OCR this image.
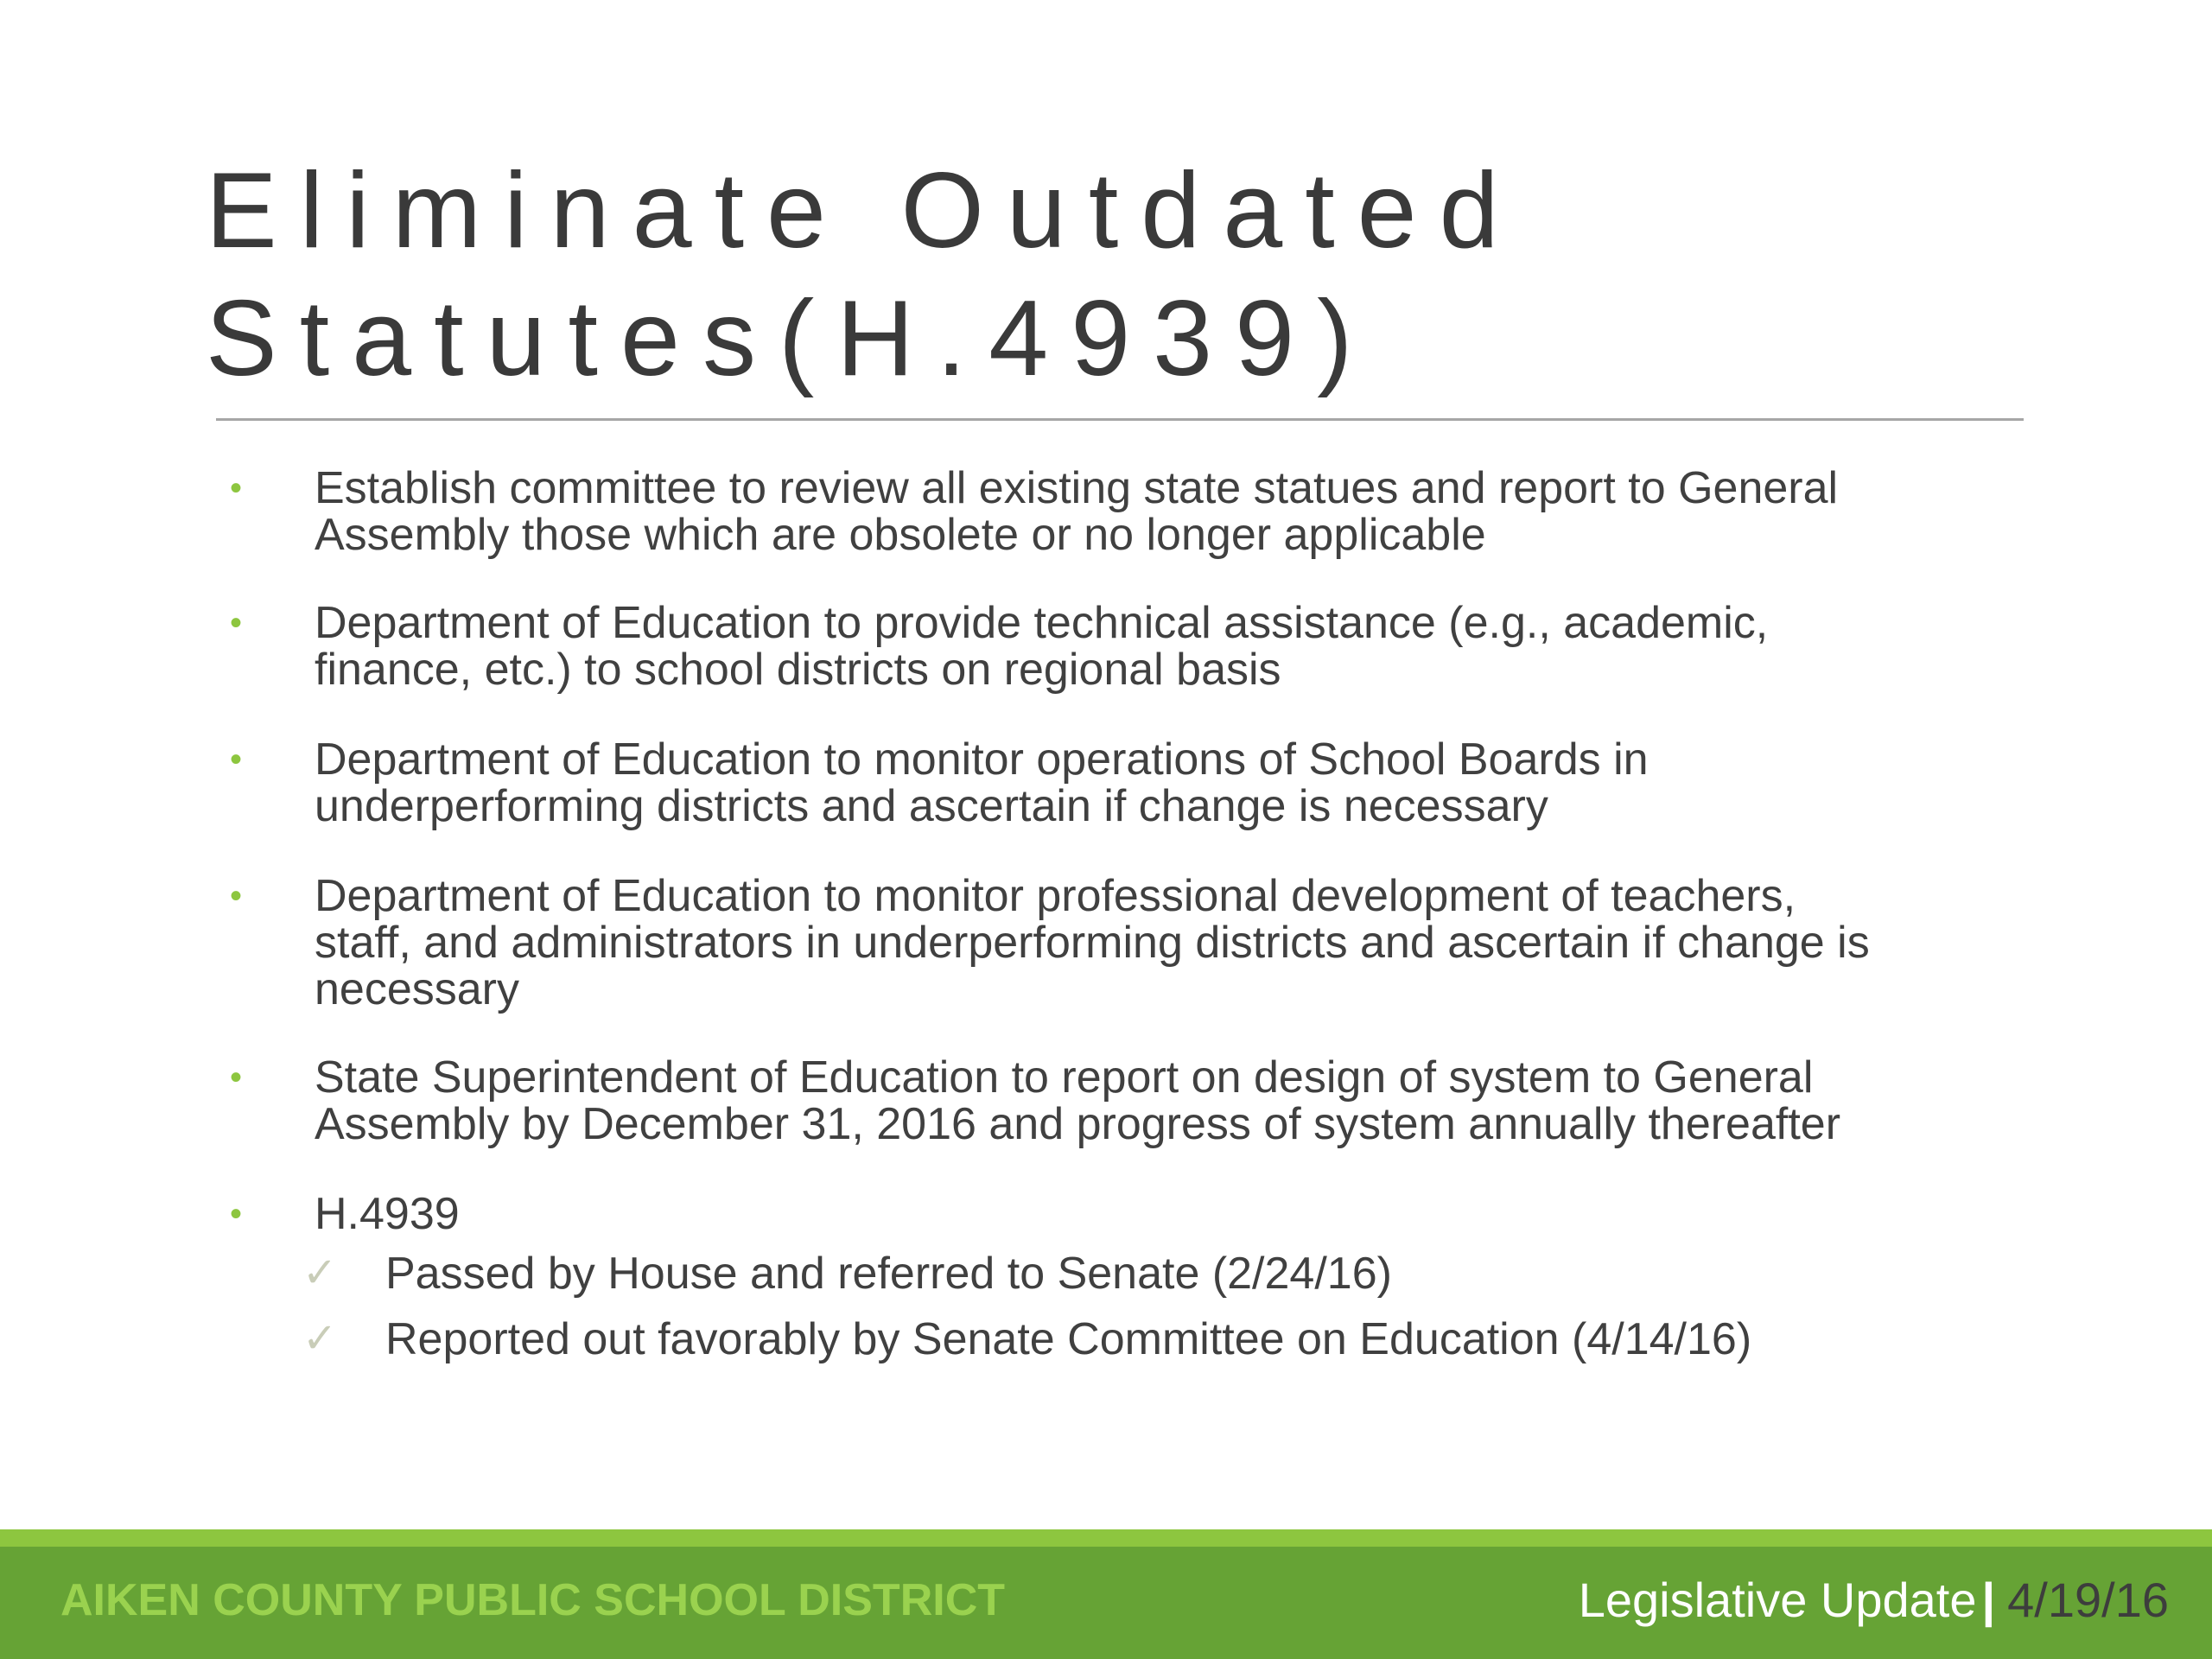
Eliminate Outdated
Statutes(H.4939)
• Establish committee to review all existing state statues and report to General
Assembly those which are obsolete or no longer applicable
• Department of Education to provide technical assistance (e.g., academic,
finance, etc.) to school districts on regional basis
• Department of Education to monitor operations of School Boards in
underperforming districts and ascertain if change is necessary
• Department of Education to monitor professional development of teachers,
staff, and administrators in underperforming districts and ascertain if change is
necessary
• State Superintendent of Education to report on design of system to General
Assembly by December 31, 2016 and progress of system annually thereafter
• H.4939
✓ Passed by House and referred to Senate (2/24/16)
✓ Reported out favorably by Senate Committee on Education (4/14/16)
AIKEN COUNTY PUBLIC SCHOOL DISTRICT	Legislative Update | 4/19/16
